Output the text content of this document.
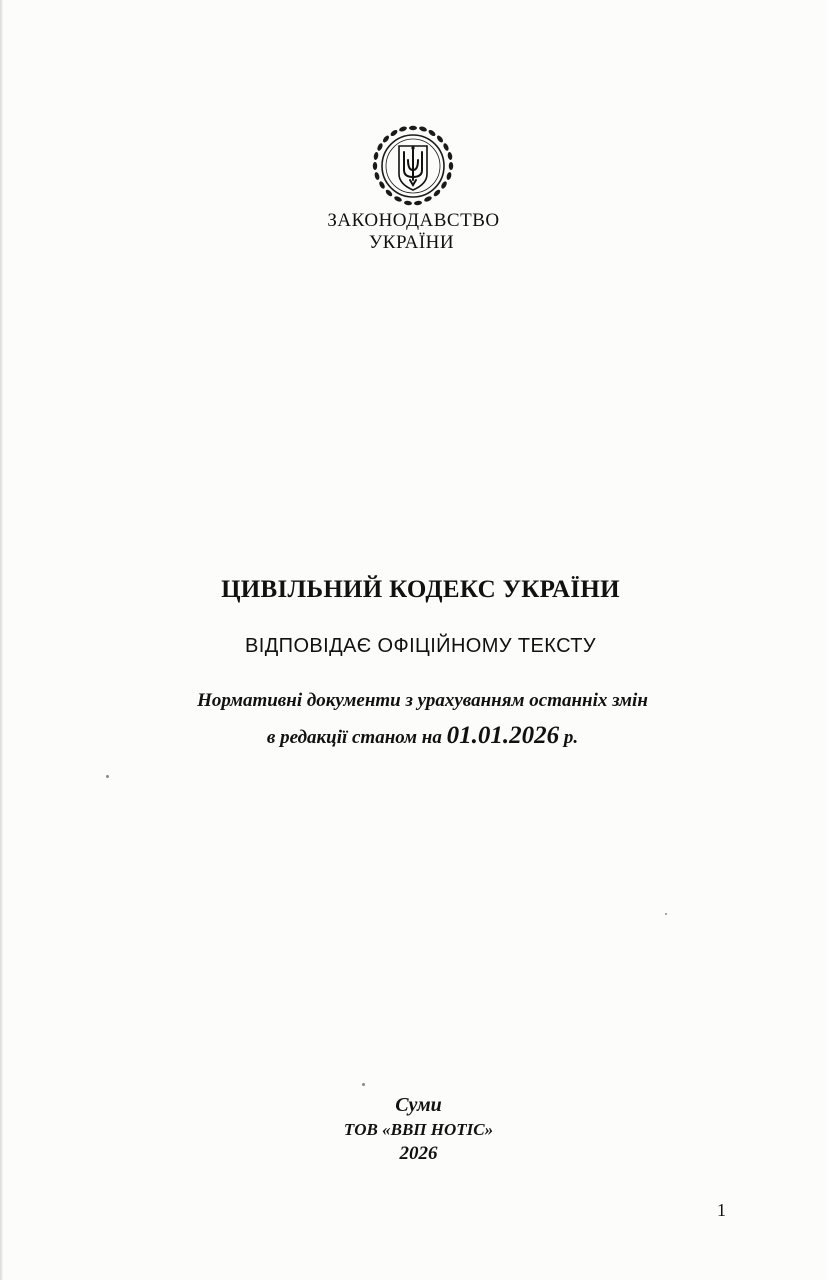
ЗАКОНОДАВСТВО
УКРАЇНИ
ЦИВІЛЬНИЙ КОДЕКС УКРАЇНИ
ВІДПОВІДАЄ ОФІЦІЙНОМУ ТЕКСТУ
Нормативні документи з урахуванням останніх змін
в редакції станом на 01.01.2026 р.
Суми
ТОВ «ВВП НОТІС»
2026
1
